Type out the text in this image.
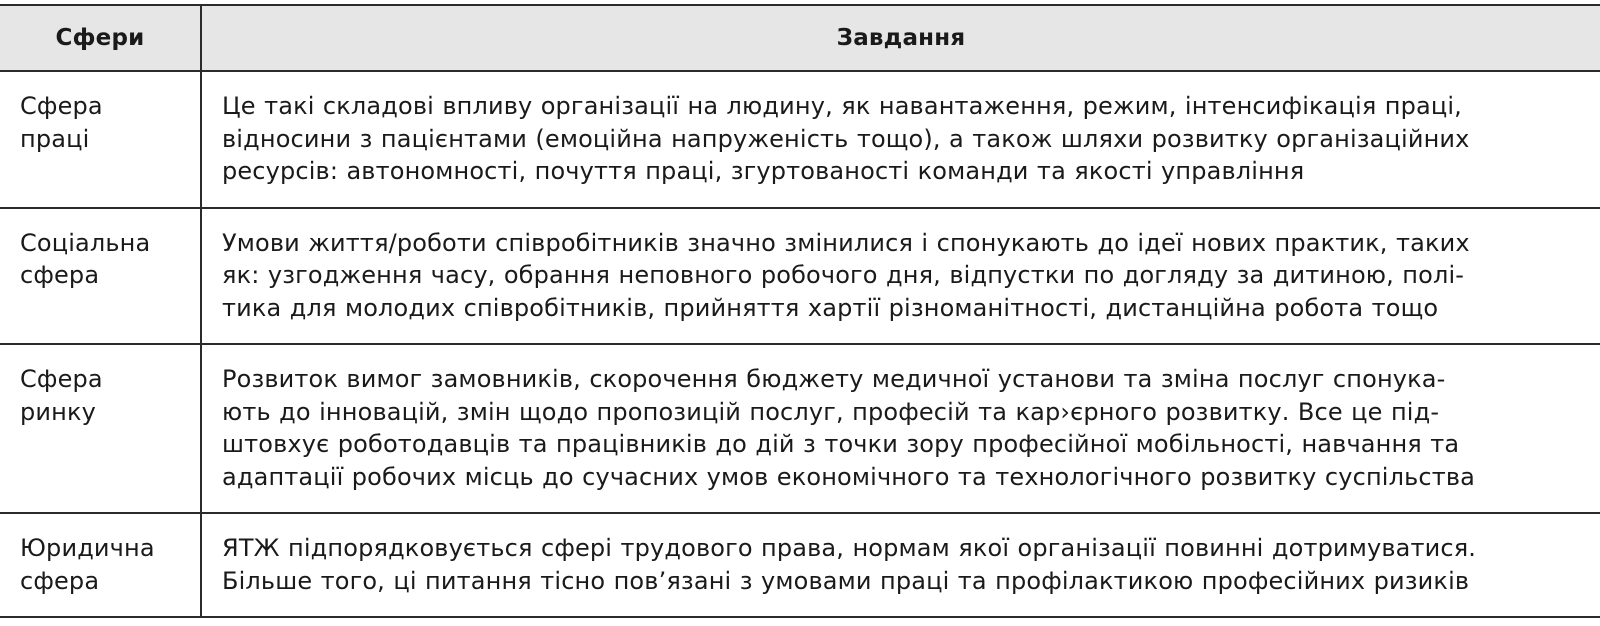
Сфери	Завдання

Сфера
праці	Це такі складові впливу організації на людину, як навантаження, режим, інтенсифікація праці,
відносини з пацієнтами (емоційна напруженість тощо), а також шляхи розвитку організаційних
ресурсів: автономності, почуття праці, згуртованості команди та якості управління

Соціальна
сфера	Умови життя/роботи співробітників значно змінилися і спонукають до ідеї нових практик, таких
як: узгодження часу, обрання неповного робочого дня, відпустки по догляду за дитиною, полі-
тика для молодих співробітників, прийняття хартії різноманітності, дистанційна робота тощо

Сфера
ринку	Розвиток вимог замовників, скорочення бюджету медичної установи та зміна послуг спонука-
ють до інновацій, змін щодо пропозицій послуг, професій та кар›єрного розвитку. Все це під-
штовхує роботодавців та працівників до дій з точки зору професійної мобільності, навчання та
адаптації робочих місць до сучасних умов економічного та технологічного розвитку суспільства

Юридична
сфера	ЯТЖ підпорядковується сфері трудового права, нормам якої організації повинні дотримуватися.
Більше того, ці питання тісно пов’язані з умовами праці та профілактикою професійних ризиків
